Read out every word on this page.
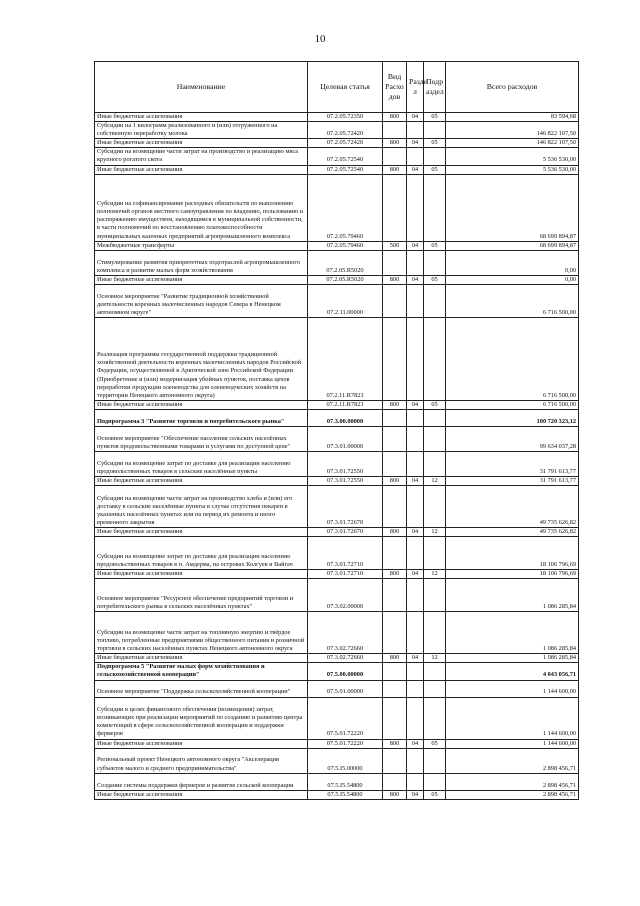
10
Наименование	Целевая статья	Вид Расхо дов	Разде л	Подр аздел	Всего расходов
Иные бюджетные ассигнования	07.2.05.72350	800	04	05	83 594,68
Субсидии на 1 килограмм реализованного и (или) отгруженного на собственную переработку молока	07.2.05.72420				146 822 107,50
Иные бюджетные ассигнования	07.2.05.72420	800	04	05	146 822 107,50
Субсидии на возмещение части затрат на производство и реализацию мяса крупного рогатого скота	07.2.05.72540				5 536 530,00
Иные бюджетные ассигнования	07.2.05.72540	800	04	05	5 536 530,00
Субсидии на софинансирование расходных обязательств по выполнению полномочий органов местного самоуправления по владению, пользованию и распоряжению имуществом, находящимся в муниципальной собственности, в части полномочий по восстановлению платежеспособности муниципальных казенных предприятий агропромышленного комплекса	07.2.05.79460				68 699 894,87
Межбюджетные трансферты	07.2.05.79460	500	04	05	68 699 894,87
Стимулирование развития приоритетных подотраслей агропромышленного комплекса и развитие малых форм хозяйствования	07.2.05.R5020				0,00
Иные бюджетные ассигнования	07.2.05.R5020	800	04	05	0,00
Основное мероприятие "Развитие традиционной хозяйственной деятельности коренных малочисленных народов Севера в Ненецком автономном округе"	07.2.11.00000				6 716 500,00
Реализация программы государственной поддержки традиционной хозяйственной деятельности коренных малочисленных народов Российской Федерации, осуществляемой в Арктической зоне Российской Федерации (Приобретение и (или) модернизация убойных пунктов, поставка цехов переработки продукции оленеводства для оленеводческих хозяйств на территории Ненецкого автономного округа)	07.2.11.R7823				6 716 500,00
Иные бюджетные ассигнования	07.2.11.R7823	800	04	05	6 716 500,00
Подпрограмма 3 "Развитие торговли и потребительского рынка"	07.3.00.00000				100 720 323,12
Основное мероприятие "Обеспечение населения сельских населённых пунктов продовольственными товарами и услугами по доступной цене"	07.3.01.00000				99 634 037,28
Субсидии на возмещение затрат по доставке для реализации населению продовольственных товаров в сельские населённые пункты	07.3.01.72550				31 791 613,77
Иные бюджетные ассигнования	07.3.01.72550	800	04	12	31 791 613,77
Субсидии на возмещение части затрат на производство хлеба и (или) его доставку в сельские населённые пункты в случае отсутствия пекарен в указанных населённых пунктах или на период их ремонта и иного временного закрытия	07.3.01.72670				49 735 626,82
Иные бюджетные ассигнования	07.3.01.72670	800	04	12	49 735 626,82
Субсидии на возмещение затрат по доставке для реализации населению продовольственных товаров в п. Амдерма, на островах Колгуев и Вайгач	07.3.01.72710				18 106 796,69
Иные бюджетные ассигнования	07.3.01.72710	800	04	12	18 106 796,69
Основное мероприятие "Ресурсное обеспечение предприятий торговли и потребительского рынка в сельских населённых пунктах"	07.3.02.00000				1 086 285,84
Субсидии на возмещение части затрат на топливную энергию и твёрдое топливо, потребленные предприятиями общественного питания и розничной торговли в сельских населённых пунктах Ненецкого автономного округа	07.3.02.72660				1 086 285,84
Иные бюджетные ассигнования	07.3.02.72660	800	04	12	1 086 285,84
Подпрограмма 5 "Развитие малых форм хозяйствования и сельскохозяйственной кооперации"	07.5.00.00000				4 043 056,71
Основное мероприятие "Поддержка сельскохозяйственной кооперации"	07.5.01.00000				1 144 600,00
Субсидии в целях финансового обеспечения (возмещения) затрат, возникающих при реализации мероприятий по созданию и развитию центра компетенций в сфере сельскохозяйственной кооперации и поддержки фермеров	07.5.01.72220				1 144 600,00
Иные бюджетные ассигнования	07.5.01.72220	800	04	05	1 144 600,00
Региональный проект Ненецкого автономного округа "Акселерация субъектов малого и среднего предпринимательства"	07.5.I5.00000				2 898 456,71
Создание системы поддержки фермеров и развитие сельской кооперации	07.5.I5.54800				2 898 456,71
Иные бюджетные ассигнования	07.5.I5.54800	800	04	05	2 898 456,71
